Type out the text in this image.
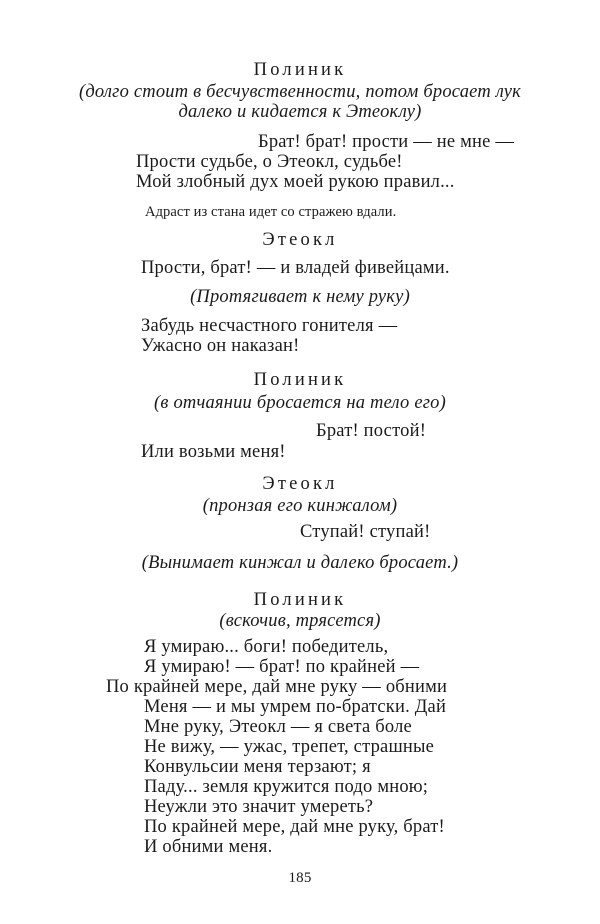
Полиник

(долго стоит в бесчувственности, потом бросает лук

далеко и кидается к Этеоклу)

Брат! брат! прости — не мне —

Прости судьбе, о Этеокл, судьбе!

Мой злобный дух моей рукою правил...

Адраст из стана идет со стражею вдали.

Этеокл

Прости, брат! — и владей фивейцами.

(Протягивает к нему руку)

Забудь несчастного гонителя —

Ужасно он наказан!

Полиник

(в отчаянии бросается на тело его)

Брат! постой!

Или возьми меня!

Этеокл

(пронзая его кинжалом)

Ступай! ступай!

(Вынимает кинжал и далеко бросает.)

Полиник

(вскочив, трясется)

Я умираю... боги! победитель,

Я умираю! — брат! по крайней —

По крайней мере, дай мне руку — обними

Меня — и мы умрем по-братски. Дай

Мне руку, Этеокл — я света боле

Не вижу, — ужас, трепет, страшные

Конвульсии меня терзают; я

Паду... земля кружится подо мною;

Неужли это значит умереть?

По крайней мере, дай мне руку, брат!

И обними меня.

185
